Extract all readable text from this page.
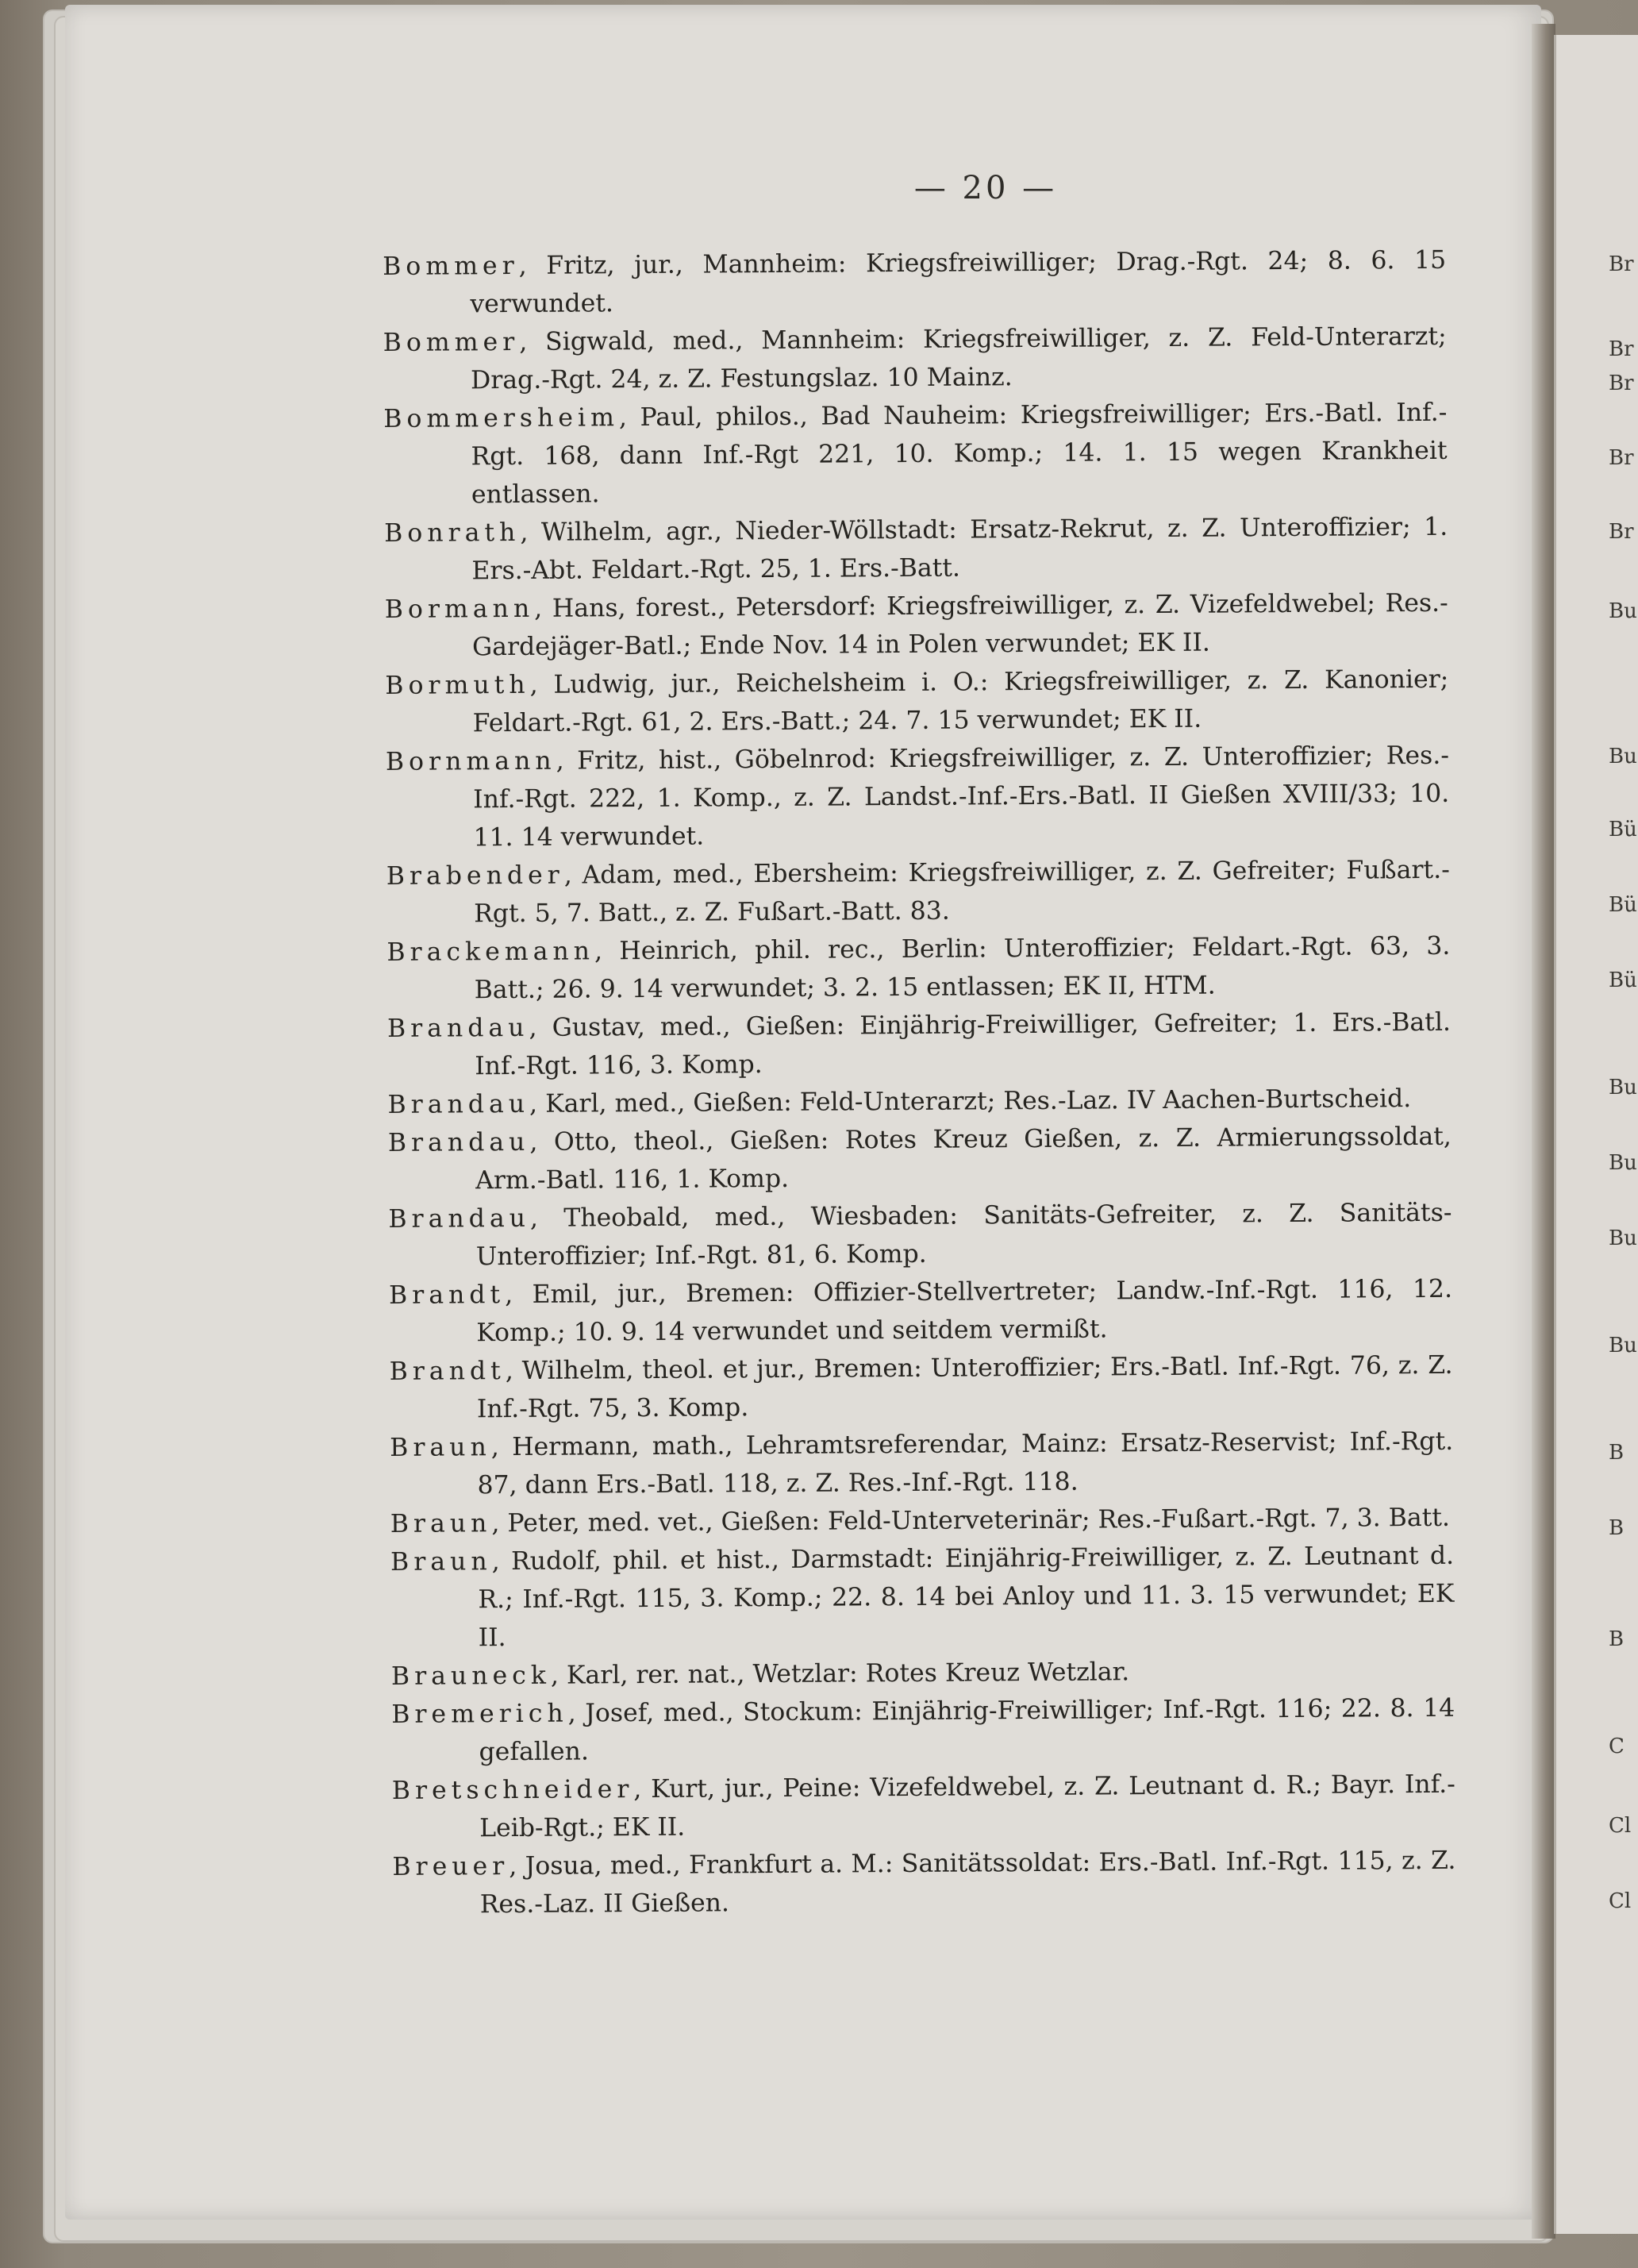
— 20 —
Br
Br
Br
Br
Br
Bu
Bu
Bü
Bü
Bü
Bu
Bu
Bu
Bu
B
B
B
C
Cl
Cl

Bommer, Fritz, jur., Mannheim: Kriegsfreiwilliger; Drag.-Rgt. 24; 8. 6. 15 verwundet.

Bommer, Sigwald, med., Mannheim: Kriegsfreiwilliger, z. Z. Feld-Unterarzt; Drag.-Rgt. 24, z. Z. Festungslaz. 10 Mainz.

Bommersheim, Paul, philos., Bad Nauheim: Kriegsfreiwilliger; Ers.-Batl. Inf.-Rgt. 168, dann Inf.-Rgt 221, 10. Komp.; 14. 1. 15 wegen Krankheit entlassen.

Bonrath, Wilhelm, agr., Nieder-Wöllstadt: Ersatz-Rekrut, z. Z. Unteroffizier; 1. Ers.-Abt. Feldart.-Rgt. 25, 1. Ers.-Batt.

Bormann, Hans, forest., Petersdorf: Kriegsfreiwilliger, z. Z. Vizefeldwebel; Res.-Gardejäger-Batl.; Ende Nov. 14 in Polen verwundet; EK II.

Bormuth, Ludwig, jur., Reichelsheim i. O.: Kriegsfreiwilliger, z. Z. Kanonier; Feldart.-Rgt. 61, 2. Ers.-Batt.; 24. 7. 15 verwundet; EK II.

Bornmann, Fritz, hist., Göbelnrod: Kriegsfreiwilliger, z. Z. Unteroffizier; Res.-Inf.-Rgt. 222, 1. Komp., z. Z. Landst.-Inf.-Ers.-Batl. II Gießen XVIII/33; 10. 11. 14 verwundet.

Brabender, Adam, med., Ebersheim: Kriegsfreiwilliger, z. Z. Gefreiter; Fußart.-Rgt. 5, 7. Batt., z. Z. Fußart.-Batt. 83.

Brackemann, Heinrich, phil. rec., Berlin: Unteroffizier; Feldart.-Rgt. 63, 3. Batt.; 26. 9. 14 verwundet; 3. 2. 15 entlassen; EK II, HTM.

Brandau, Gustav, med., Gießen: Einjährig-Freiwilliger, Gefreiter; 1. Ers.-Batl. Inf.-Rgt. 116, 3. Komp.

Brandau, Karl, med., Gießen: Feld-Unterarzt; Res.-Laz. IV Aachen-Burtscheid.

Brandau, Otto, theol., Gießen: Rotes Kreuz Gießen, z. Z. Armierungssoldat, Arm.-Batl. 116, 1. Komp.

Brandau, Theobald, med., Wiesbaden: Sanitäts-Gefreiter, z. Z. Sanitäts-Unteroffizier; Inf.-Rgt. 81, 6. Komp.

Brandt, Emil, jur., Bremen: Offizier-Stellvertreter; Landw.-Inf.-Rgt. 116, 12. Komp.; 10. 9. 14 verwundet und seitdem vermißt.

Brandt, Wilhelm, theol. et jur., Bremen: Unteroffizier; Ers.-Batl. Inf.-Rgt. 76, z. Z. Inf.-Rgt. 75, 3. Komp.

Braun, Hermann, math., Lehramtsreferendar, Mainz: Ersatz-Reservist; Inf.-Rgt. 87, dann Ers.-Batl. 118, z. Z. Res.-Inf.-Rgt. 118.

Braun, Peter, med. vet., Gießen: Feld-Unterveterinär; Res.-Fußart.-Rgt. 7, 3. Batt.

Braun, Rudolf, phil. et hist., Darmstadt: Einjährig-Freiwilliger, z. Z. Leutnant d. R.; Inf.-Rgt. 115, 3. Komp.; 22. 8. 14 bei Anloy und 11. 3. 15 verwundet; EK II.

Brauneck, Karl, rer. nat., Wetzlar: Rotes Kreuz Wetzlar.

Bremerich, Josef, med., Stockum: Einjährig-Freiwilliger; Inf.-Rgt. 116; 22. 8. 14 gefallen.

Bretschneider, Kurt, jur., Peine: Vizefeldwebel, z. Z. Leutnant d. R.; Bayr. Inf.-Leib-Rgt.; EK II.

Breuer, Josua, med., Frankfurt a. M.: Sanitätssoldat: Ers.-Batl. Inf.-Rgt. 115, z. Z. Res.-Laz. II Gießen.
